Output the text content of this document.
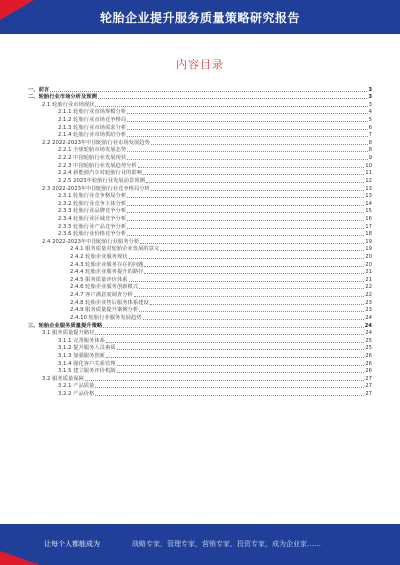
轮胎企业提升服务质量策略研究报告
内容目录
一、前言	3
二、轮胎行业市场分析及预测	3
2.1 轮胎行业市场现状	3
2.1.1 轮胎行业市场规模分析	4
2.1.2 轮胎行业市场竞争格局	5
2.1.3 轮胎行业市场需求分析	6
2.1.4 轮胎行业市场供给分析	7
2.2 2022-2023年中国轮胎行业市场发展趋势	8
2.2.1 全球轮胎市场发展态势	8
2.2.2 中国轮胎行业发展现状	9
2.2.3 中国轮胎行业发展趋势分析	10
2.2.4 新能源汽车对轮胎行业的影响	11
2.2.5 2023年轮胎行业发展前景预测	12
2.3 2022-2023年中国轮胎行业竞争格局分析	13
2.3.1 轮胎行业竞争格局分析	13
2.3.2 轮胎行业竞争主体分析	14
2.3.3 轮胎行业品牌竞争分析	15
2.3.4 轮胎行业区域竞争分析	16
2.3.5 轮胎行业产品竞争分析	17
2.3.6 轮胎行业价格竞争分析	18
2.4 2022-2023年中国轮胎行业服务分析	19
2.4.1 服务质量对轮胎企业发展的意义	19
2.4.2 轮胎企业服务现状	20
2.4.3 轮胎企业服务存在的问题	20
2.4.4 轮胎企业服务提升的路径	21
2.4.5 服务质量评价体系	21
2.4.6 轮胎企业服务创新模式	22
2.4.7 客户满意度调查分析	22
2.4.8 轮胎企业售后服务体系建设	23
2.4.9 服务质量提升案例分析	23
2.4.10 轮胎行业服务发展趋势	24
三、轮胎企业服务质量提升策略	24
3.1 服务质量提升路径	24
3.1.1 完善服务体系	25
3.1.2 提升服务人员素质	25
3.1.3 加强服务创新	26
3.1.4 强化客户关系管理	26
3.1.5 建立服务评价机制	26
3.2 服务质量保障	27
3.2.1 产品质量	27
3.2.2 产品价格	27
让每个人都能成为	战略专家，管理专家，营销专家，投资专家，成为企业家……
